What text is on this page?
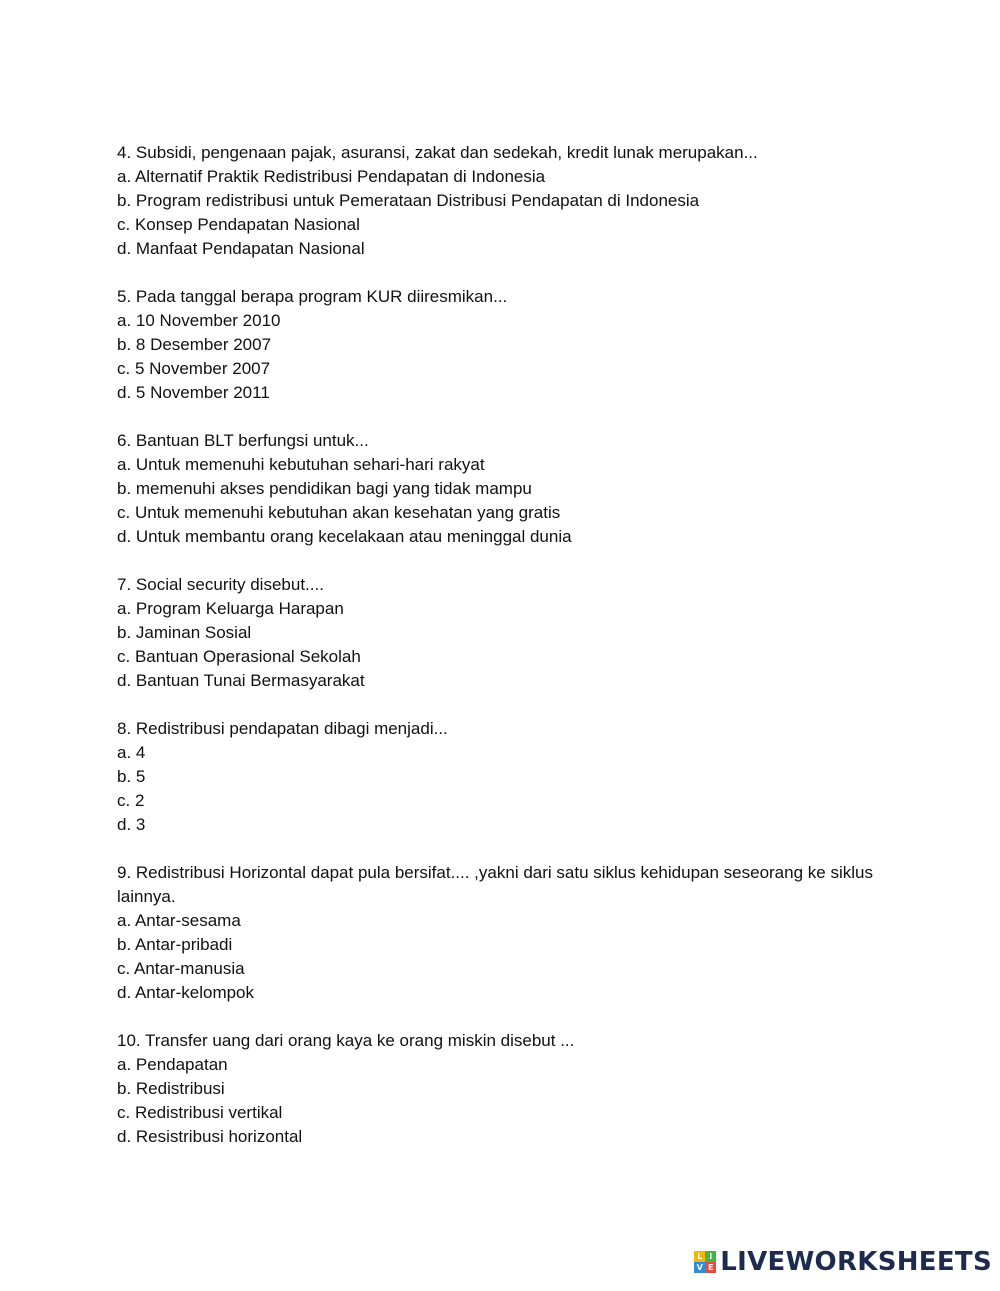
4. Subsidi, pengenaan pajak, asuransi, zakat dan sedekah, kredit lunak merupakan...
a. Alternatif Praktik Redistribusi Pendapatan di Indonesia
b. Program redistribusi untuk Pemerataan Distribusi Pendapatan di Indonesia
c. Konsep Pendapatan Nasional
d. Manfaat Pendapatan Nasional
5. Pada tanggal berapa program KUR diiresmikan...
a. 10 November 2010
b. 8 Desember 2007
c. 5 November 2007
d. 5 November 2011
6. Bantuan BLT berfungsi untuk...
a. Untuk memenuhi kebutuhan sehari-hari rakyat
b. memenuhi akses pendidikan bagi yang tidak mampu
c. Untuk memenuhi kebutuhan akan kesehatan yang gratis
d. Untuk membantu orang kecelakaan atau meninggal dunia
7. Social security disebut....
a. Program Keluarga Harapan
b. Jaminan Sosial
c. Bantuan Operasional Sekolah
d. Bantuan Tunai Bermasyarakat
8. Redistribusi pendapatan dibagi menjadi...
a. 4
b. 5
c. 2
d. 3
9. Redistribusi Horizontal dapat pula bersifat.... ,yakni dari satu siklus kehidupan seseorang ke siklus lainnya.
a. Antar-sesama
b. Antar-pribadi
c. Antar-manusia
d. Antar-kelompok
10. Transfer uang dari orang kaya ke orang miskin disebut ...
a. Pendapatan
b. Redistribusi
c. Redistribusi vertikal
d. Resistribusi horizontal
L I
V E LIVEWORKSHEETS
